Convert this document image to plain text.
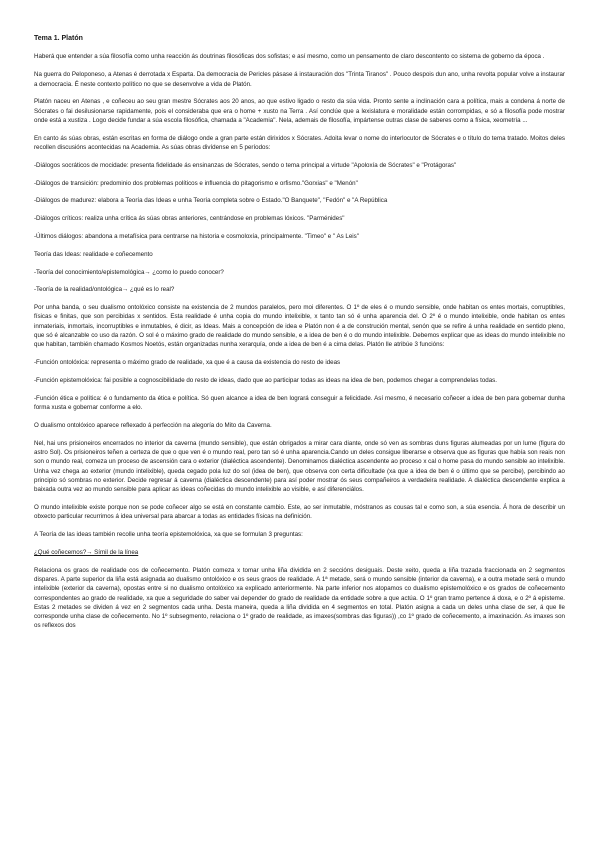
Tema 1. Platón
Haberá que entender a súa filosofía como unha reacción ás doutrinas filosóficas dos sofistas; e así mesmo, como un pensamento de claro descontento co sistema de goberno da época .
Na guerra do Peloponeso, a Atenas é derrotada x Esparta. Da democracia de Pericles pásase á instauración dos "Trinta Tiranos" . Pouco despois dun ano, unha revolta popular volve a instaurar a democracia. É neste contexto político no que se desenvolve a vida de Platón.
Platón naceu en Atenas , e coñeceu ao seu gran mestre Sócrates aos 20 anos, ao que estivo ligado o resto da súa vida. Pronto sente a inclinación cara a política, mais a condena á norte de Sócrates o fai desilusionarse rapidamente, pois el consideraba que era o home + xusto na Terra . Así conclúe que a lexislatura e moralidade están corrompidas, e só a filosofía pode mostrar onde está a xustiza . Logo decide fundar a súa escola filosófica, chamada a "Academia". Nela, ademais de filosofía, impártense outras clase de saberes como a física, xeometría ...
En canto ás súas obras, están escritas en forma de diálogo onde a gran parte están dirixidos x Sócrates. Adoita levar o nome do interlocutor de Sócrates e o título do tema tratado. Moitos deles recollen discusións acontecidas na Academia. As súas obras divídense en 5 períodos:
-Diálogos socráticos de mocidade: presenta fidelidade ás ensinanzas de Sócrates, sendo o tema principal a virtude "Apoloxía de Sócrates" e "Protágoras"
-Diálogos de transición: predominio dos problemas políticos e influencia do pitagorismo e orfismo."Gorxias" e "Menón"
-Diálogos de madurez: elabora a Teoría das Ideas e unha Teoría completa sobre o Estado."O Banquete", "Fedón" e "A República
-Diálogos críticos: realiza unha crítica ás súas obras anteriores, centrándose en problemas lóxicos. "Parménides"
-Últimos diálogos: abandona a metafísica para centrarse na historia e cosmoloxía, principalmente. "Timeo" e " As Leis"
Teoría das Ideas: realidade e coñecemento
-Teoría del conocimiento/epistemológica→ ¿como lo puedo conocer?
-Teoría de la realidad/ontológica→ ¿qué es lo real?
Por unha banda, o seu dualismo ontolóxico consiste na existencia de 2 mundos paralelos, pero moi diferentes. O 1º de eles é o mundo sensible, onde habitan os entes mortais, corruptibles, físicas e finitas, que son percibidas x sentidos. Esta realidade é unha copia do mundo intelixible, x tanto tan só é unha aparencia del. O 2º é o mundo intelixible, onde habitan os entes inmateriais, inmortais, incorruptibles e inmutables, é dicir, as Ideas. Mais a concepción de idea e Platón non é a de construción mental, senón que se refire á unha realidade en sentido pleno, que só é alcanzable co uso da razón. O sol é o máximo grado de realidade do mundo sensible, e a idea de ben é o do mundo intelixible. Debemos explicar que as ideas do mundo intelixible no que habitan, también chamado Kosmos Noetós, están organizadas nunha xerarquía, onde a idea de ben é a cima delas. Platón lle atribúe 3 funcións:
-Función ontolóxica: representa o máximo grado de realidade, xa que é a causa da existencia do resto de ideas
-Función epistemolóxica: fai posible a cognoscibilidade do resto de ideas, dado que ao participar todas as ideas na idea de ben, podemos chegar a comprendelas todas.
-Función ética e política: é o fundamento da ética e política. Só quen alcance a idea de ben logrará conseguir a felicidade. Así mesmo, é necesario coñecer a idea de ben para gobernar dunha forma xusta e gobernar conforme a elo.
O dualismo ontolóxico aparece reflexado á perfección na alegoría do Mito da Caverna.
Nel, hai uns prisioneiros encerrados no interior da caverna (mundo sensible), que están obrigados a mirar cara diante, onde só ven as sombras duns figuras alumeadas por un lume (figura do astro Sol). Os prisioneiros teñen a certeza de que o que ven é o mundo real, pero tan só é unha aparencia.Cando un deles consigue liberarse e observa que as figuras que había son reais non son o mundo real, comeza un proceso de ascensión cara o exterior (dialéctica ascendente). Denominamos dialéctica ascendente ao proceso x cal o home pasa do mundo sensible ao intelixible. Unha vez chega ao exterior (mundo intelixible), queda cegado pola luz do sol (idea de ben), que observa con certa dificultade (xa que a idea de ben é o último que se percibe), percibindo ao principio só sombras no exterior. Decide regresar á caverna (dialéctica descendente) para así poder mostrar ós seus compañeiros a verdadeira realidade. A dialéctica descendente explica a baixada outra vez ao mundo sensible para aplicar as ideas coñecidas do mundo intelixible ao visible, e así diferenciálos.
O mundo intelixible existe porque non se pode coñecer algo se está en constante cambio. Este, ao ser inmutable, móstranos as cousas tal e como son, a súa esencia. Á hora de describir un obxecto particular recurrimos á idea universal para abarcar a todas as entidades físicas na definición.
A Teoría de las ideas también recolle unha teoría epistemolóxica, xa que se formulan 3 preguntas:
¿Qué coñecemos?→ Símil de la línea
Relaciona os graos de realidade cos de coñecemento. Platón comeza x tomar unha liña dividida en 2 seccións desiguais. Deste xeito, queda a liña trazada fraccionada en 2 segmentos dispares. A parte superior da liña está asignada ao dualismo ontolóxico e os seus graos de realidade. A 1ª metade, será o mundo sensible (interior da caverna), e a outra metade será o mundo intelixible (exterior da caverna), opostas entre si no dualismo ontolóxico xa explicado anteriormente. Na parte inferior nos atopamos co dualismo epistemolóxico e os grados de coñecemento correspondentes ao grado de realidade, xa que a seguridade do saber vai depender do grado de realidade da entidade sobre a que actúa. O 1º gran tramo pertence á doxa, e o 2º á episteme. Estas 2 metades se dividen á vez en 2 segmentos cada unha. Desta maneira, queda a liña dividida en 4 segmentos en total. Platón asigna a cada un deles unha clase de ser, á que lle corresponde unha clase de coñecemento. No 1º subsegmento, relaciona o 1º grado de realidade, as imaxes(sombras das figuras)) ,co 1º grado de coñecemento, a imaxinación. As imaxes son os reflexos dos
